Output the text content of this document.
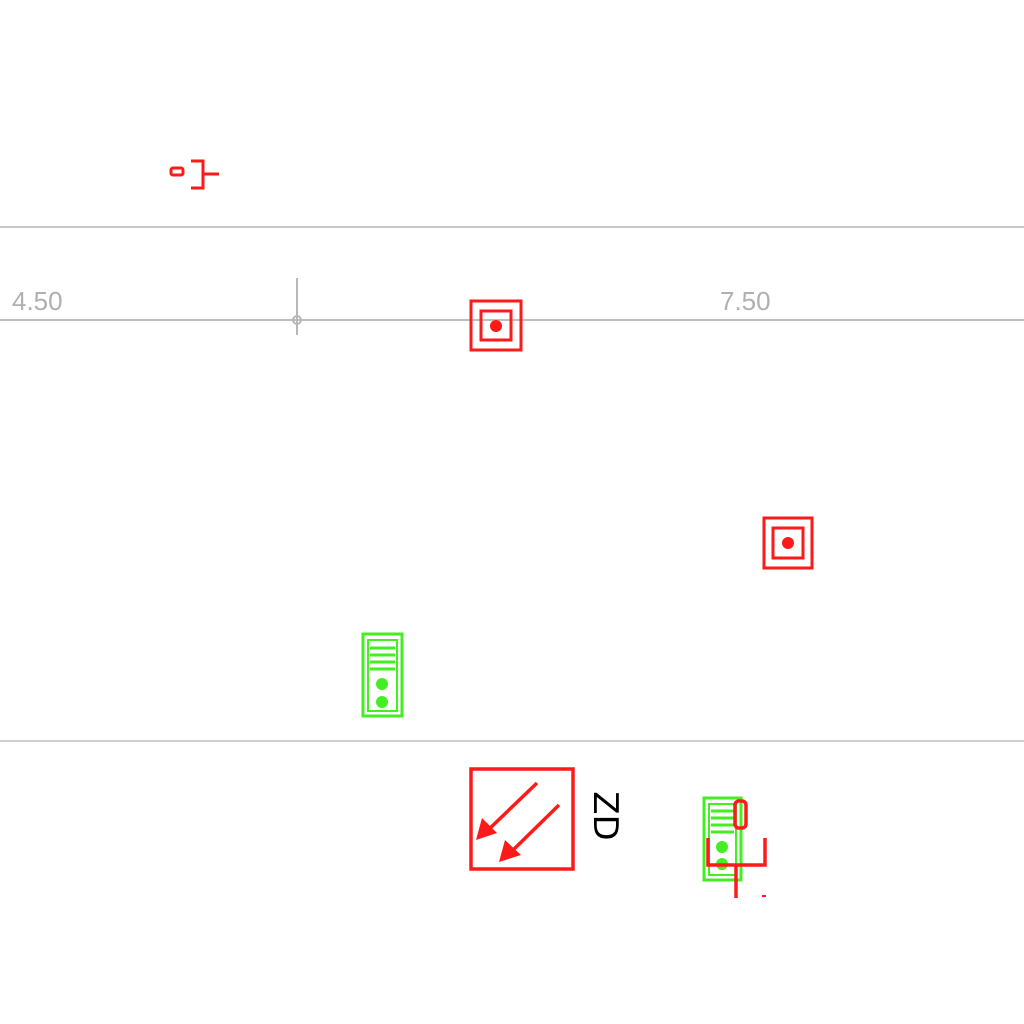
4.50	7.50
ZD
